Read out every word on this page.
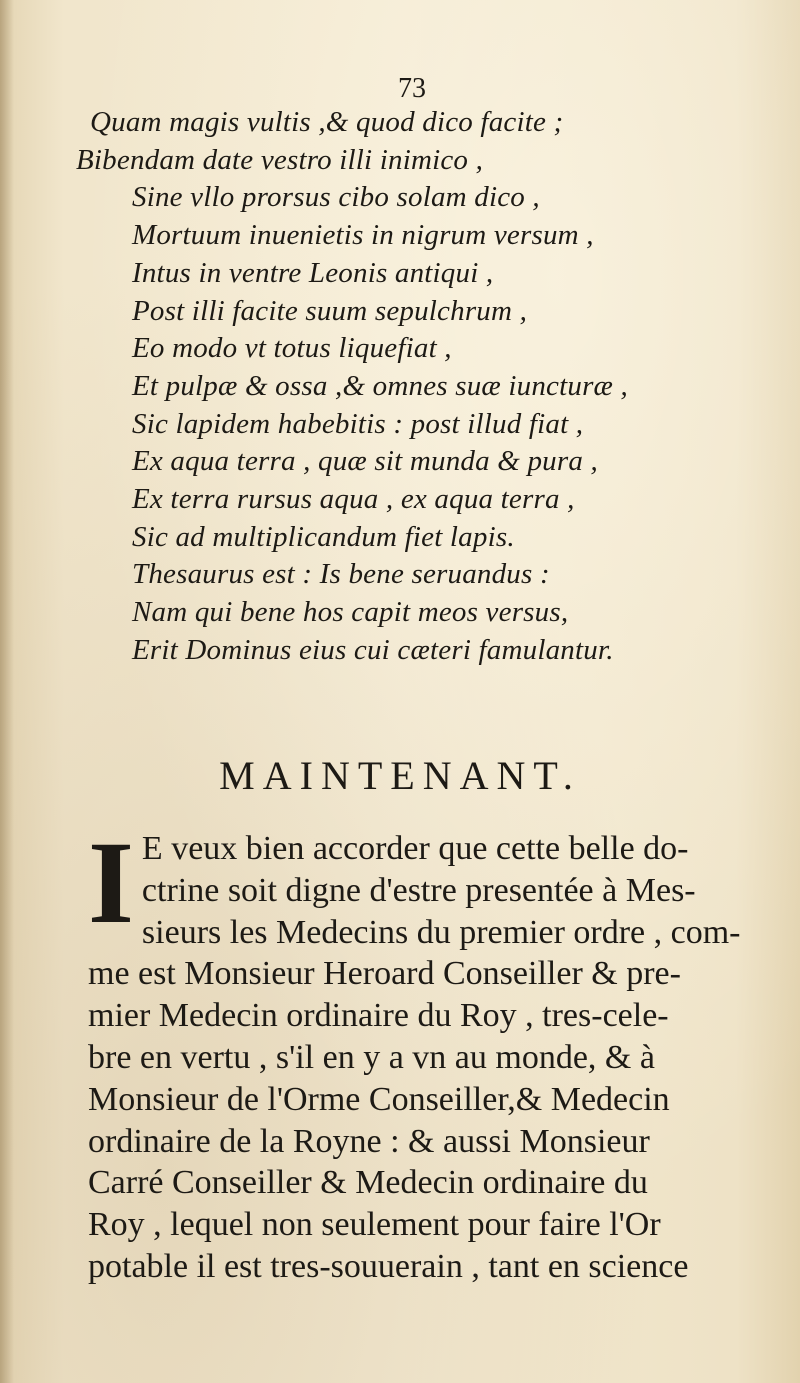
73
Quam magis vultis ,& quod dico facite ;
Bibendam date vestro illi inimico ,
Sine vllo prorsus cibo solam dico ,
Mortuum inuenietis in nigrum versum ,
Intus in ventre Leonis antiqui ,
Post illi facite suum sepulchrum ,
Eo modo vt totus liquefiat ,
Et pulpæ & ossa ,& omnes suæ iuncturæ ,
Sic lapidem habebitis : post illud fiat ,
Ex aqua terra , quæ sit munda & pura ,
Ex terra rursus aqua , ex aqua terra ,
Sic ad multiplicandum fiet lapis.
Thesaurus est : Is bene seruandus :
Nam qui bene hos capit meos versus,
Erit Dominus eius cui cæteri famulantur.
MAINTENANT.
I E veux bien accorder que cette belle do-
ctrine soit digne d'estre presentée à Mes-
sieurs les Medecins du premier ordre , com-
me est Monsieur Heroard Conseiller & pre-
mier Medecin ordinaire du Roy , tres-cele-
bre en vertu , s'il en y a vn au monde, & à
Monsieur de l'Orme Conseiller,& Medecin
ordinaire de la Royne : & aussi Monsieur
Carré Conseiller & Medecin ordinaire du
Roy , lequel non seulement pour faire l'Or
potable il est tres-souuerain , tant en science
